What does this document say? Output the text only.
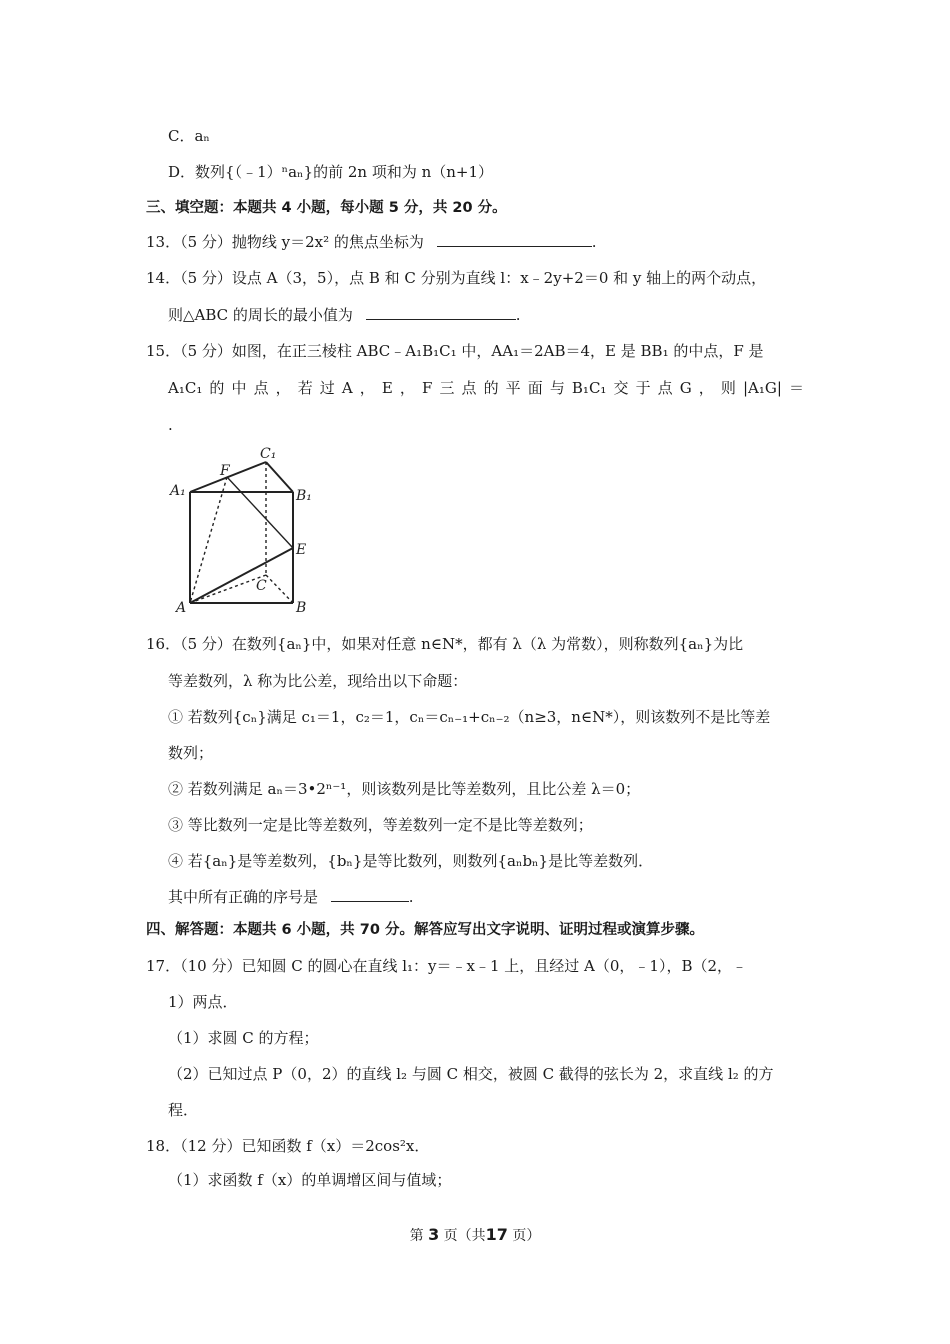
C．aₙ
D．数列{（﹣1）ⁿaₙ}的前 2n 项和为 n（n+1）
三、填空题：本题共 4 小题，每小题 5 分，共 20 分。
13．（5 分）抛物线 y＝2x² 的焦点坐标为	.
14．（5 分）设点 A（3，5），点 B 和 C 分别为直线 l：x﹣2y+2＝0 和 y 轴上的两个动点，
则△ABC 的周长的最小值为	.
15．（5 分）如图，在正三棱柱 ABC﹣A₁B₁C₁ 中，AA₁＝2AB＝4，E 是 BB₁ 的中点，F 是
A₁C₁ 的 中 点 ， 若 过 A ， E ， F 三 点 的 平 面 与 B₁C₁ 交 于 点 G ， 则 |A₁G| ＝
.
A₁	B₁
C₁
F
E
C
A	B
16．（5 分）在数列{aₙ}中，如果对任意 n∈N*，都有 λ（λ 为常数），则称数列{aₙ}为比
等差数列，λ 称为比公差，现给出以下命题：
① 若数列{cₙ}满足 c₁＝1，c₂＝1，cₙ＝cₙ₋₁+cₙ₋₂（n≥3，n∈N*），则该数列不是比等差
数列；
② 若数列满足 aₙ＝3•2ⁿ⁻¹，则该数列是比等差数列，且比公差 λ＝0；
③ 等比数列一定是比等差数列，等差数列一定不是比等差数列；
④ 若{aₙ}是等差数列，{bₙ}是等比数列，则数列{aₙbₙ}是比等差数列．
其中所有正确的序号是	.
四、解答题：本题共 6 小题，共 70 分。解答应写出文字说明、证明过程或演算步骤。
17．（10 分）已知圆 C 的圆心在直线 l₁：y＝﹣x﹣1 上，且经过 A（0，﹣1），B（2，﹣
1）两点．
（1）求圆 C 的方程；
（2）已知过点 P（0，2）的直线 l₂ 与圆 C 相交，被圆 C 截得的弦长为 2，求直线 l₂ 的方
程．
18．（12 分）已知函数 f（x）＝2cos²x．
（1）求函数 f（x）的单调增区间与值域；
第 3 页（共17 页）
